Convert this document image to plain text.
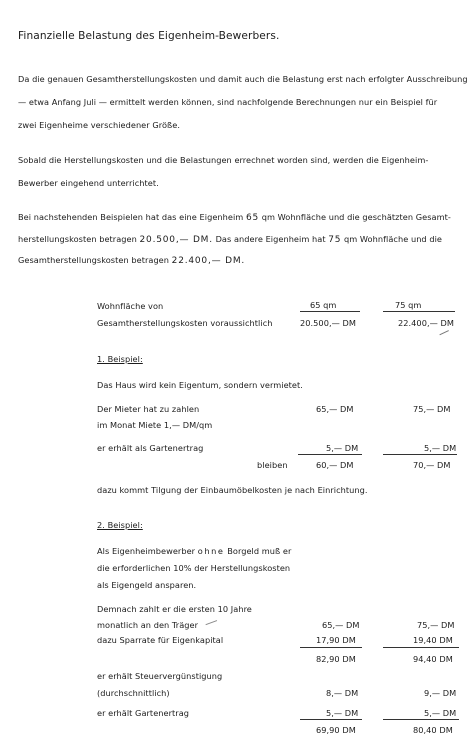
Finanzielle Belastung des Eigenheim-Bewerbers.
Da die genauen Gesamtherstellungskosten und damit auch die Belastung erst nach erfolgter Ausschreibung
— etwa Anfang Juli — ermittelt werden können, sind nachfolgende Berechnungen nur ein Beispiel für
zwei Eigenheime verschiedener Größe.
Sobald die Herstellungskosten und die Belastungen errechnet worden sind, werden die Eigenheim-
Bewerber eingehend unterrichtet.
Bei nachstehenden Beispielen hat das eine Eigenheim 65 qm Wohnfläche und die geschätzten Gesamt-
herstellungskosten betragen 20.500,— DM. Das andere Eigenheim hat 75 qm Wohnfläche und die
Gesamtherstellungskosten betragen 22.400,— DM.
Wohnfläche von	65 qm	75 qm
Gesamtherstellungskosten voraussichtlich	20.500,— DM	22.400,— DM
1. Beispiel:
Das Haus wird kein Eigentum, sondern vermietet.
Der Mieter hat zu zahlen
im Monat Miete 1,— DM/qm
65,— DM	75,— DM
er erhält als Gartenertrag	5,— DM	5,— DM
bleiben	60,— DM	70,— DM
dazu kommt Tilgung der Einbaumöbelkosten je nach Einrichtung.
2. Beispiel:
Als Eigenheimbewerber ohne Borgeld muß er
die erforderlichen 10% der Herstellungskosten
als Eigengeld ansparen.
Demnach zahlt er die ersten 10 Jahre
monatlich an den Träger	65,— DM	75,— DM
dazu Sparrate für Eigenkapital	17,90 DM	19,40 DM
82,90 DM	94,40 DM
er erhält Steuervergünstigung
(durchschnittlich)	8,— DM	9,— DM
er erhält Gartenertrag	5,— DM	5,— DM
69,90 DM	80,40 DM
